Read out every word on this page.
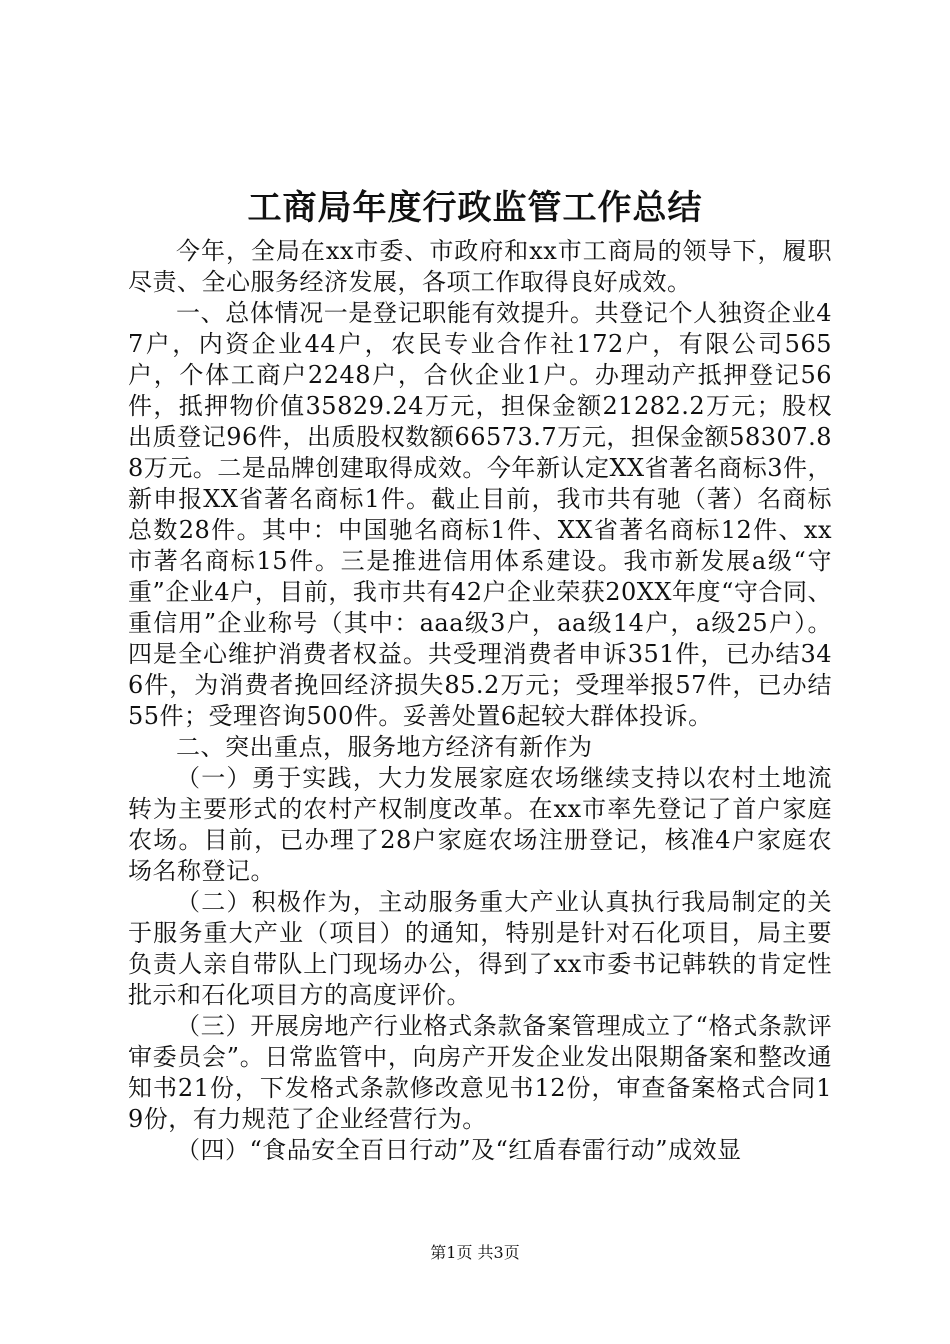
工商局年度行政监管工作总结

今年，全局在xx市委、市政府和xx市工商局的领导下，履职尽责、全心服务经济发展，各项工作取得良好成效。

一、总体情况一是登记职能有效提升。共登记个人独资企业47户，内资企业44户，农民专业合作社172户，有限公司565户，个体工商户2248户，合伙企业1户。办理动产抵押登记56件，抵押物价值35829.24万元，担保金额21282.2万元；股权出质登记96件，出质股权数额66573.7万元，担保金额58307.88万元。二是品牌创建取得成效。今年新认定XX省著名商标3件，新申报XX省著名商标1件。截止目前，我市共有驰（著）名商标总数28件。其中：中国驰名商标1件、XX省著名商标12件、xx市著名商标15件。三是推进信用体系建设。我市新发展a级“守重”企业4户，目前，我市共有42户企业荣获20XX年度“守合同、重信用”企业称号（其中：aaa级3户，aa级14户，a级25户）。四是全心维护消费者权益。共受理消费者申诉351件，已办结346件，为消费者挽回经济损失85.2万元；受理举报57件，已办结55件；受理咨询500件。妥善处置6起较大群体投诉。

二、突出重点，服务地方经济有新作为

（一）勇于实践，大力发展家庭农场继续支持以农村土地流转为主要形式的农村产权制度改革。在xx市率先登记了首户家庭农场。目前，已办理了28户家庭农场注册登记，核准4户家庭农场名称登记。

（二）积极作为，主动服务重大产业认真执行我局制定的关于服务重大产业（项目）的通知，特别是针对石化项目，局主要负责人亲自带队上门现场办公，得到了xx市委书记韩轶的肯定性批示和石化项目方的高度评价。

（三）开展房地产行业格式条款备案管理成立了“格式条款评审委员会”。日常监管中，向房产开发企业发出限期备案和整改通知书21份，下发格式条款修改意见书12份，审查备案格式合同19份，有力规范了企业经营行为。

（四）“食品安全百日行动”及“红盾春雷行动”成效显

第1页 共3页
